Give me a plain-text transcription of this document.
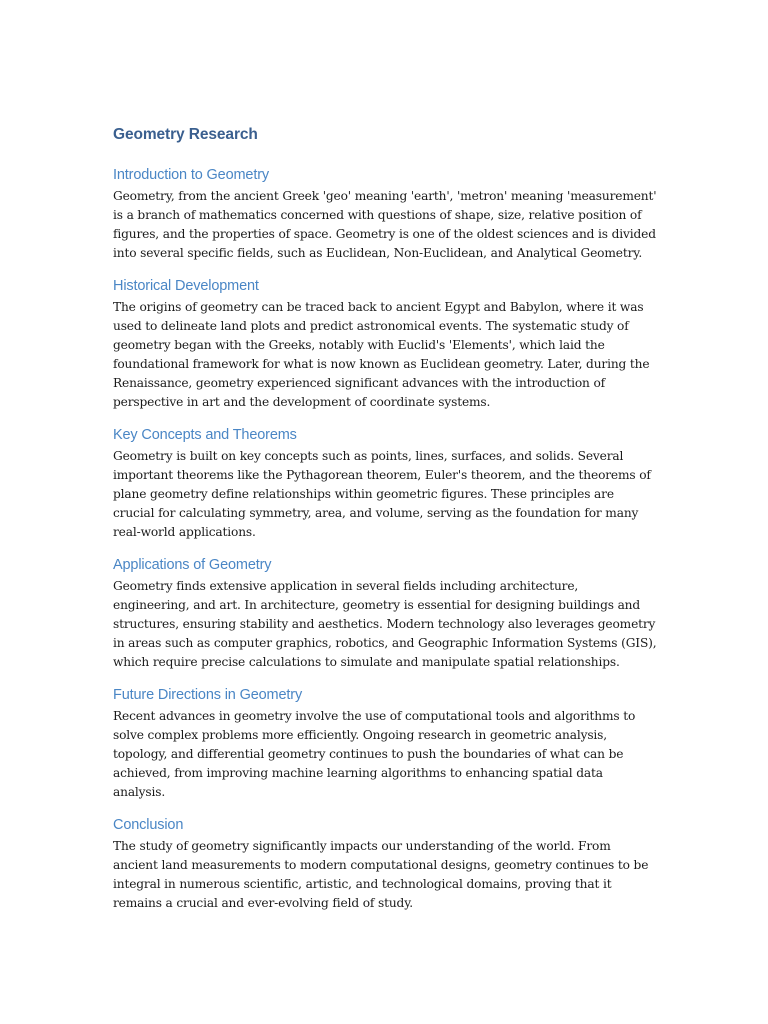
Geometry Research
Introduction to Geometry

Geometry, from the ancient Greek 'geo' meaning 'earth', 'metron' meaning 'measurement' is a branch of mathematics concerned with questions of shape, size, relative position of figures, and the properties of space. Geometry is one of the oldest sciences and is divided into several specific fields, such as Euclidean, Non-Euclidean, and Analytical Geometry.

Historical Development

The origins of geometry can be traced back to ancient Egypt and Babylon, where it was used to delineate land plots and predict astronomical events. The systematic study of geometry began with the Greeks, notably with Euclid's 'Elements', which laid the foundational framework for what is now known as Euclidean geometry. Later, during the Renaissance, geometry experienced significant advances with the introduction of perspective in art and the development of coordinate systems.

Key Concepts and Theorems

Geometry is built on key concepts such as points, lines, surfaces, and solids. Several important theorems like the Pythagorean theorem, Euler's theorem, and the theorems of plane geometry define relationships within geometric figures. These principles are crucial for calculating symmetry, area, and volume, serving as the foundation for many real-world applications.

Applications of Geometry

Geometry finds extensive application in several fields including architecture, engineering, and art. In architecture, geometry is essential for designing buildings and structures, ensuring stability and aesthetics. Modern technology also leverages geometry in areas such as computer graphics, robotics, and Geographic Information Systems (GIS), which require precise calculations to simulate and manipulate spatial relationships.

Future Directions in Geometry

Recent advances in geometry involve the use of computational tools and algorithms to solve complex problems more efficiently. Ongoing research in geometric analysis, topology, and differential geometry continues to push the boundaries of what can be achieved, from improving machine learning algorithms to enhancing spatial data analysis.

Conclusion

The study of geometry significantly impacts our understanding of the world. From ancient land measurements to modern computational designs, geometry continues to be integral in numerous scientific, artistic, and technological domains, proving that it remains a crucial and ever-evolving field of study.
